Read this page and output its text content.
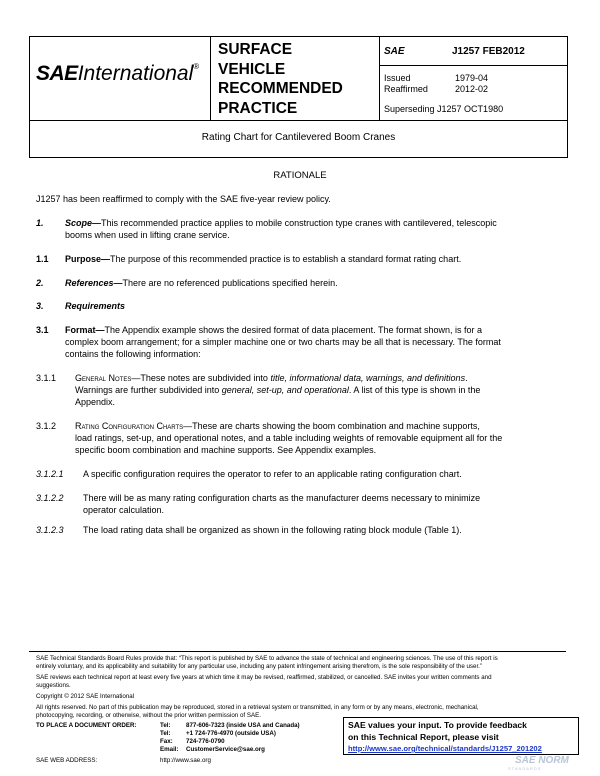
SAEInternational®
SURFACE
VEHICLE
RECOMMENDED
PRACTICE
SAE	J1257 FEB2012
Issued	1979-04
Reaffirmed	2012-02
Superseding J1257 OCT1980
Rating Chart for Cantilevered Boom Cranes
RATIONALE
J1257 has been reaffirmed to comply with the SAE five-year review policy.
1. Scope—This recommended practice applies to mobile construction type cranes with cantilevered, telescopic
booms when used in lifting crane service.
1.1 Purpose—The purpose of this recommended practice is to establish a standard format rating chart.
2. References—There are no referenced publications specified herein.
3. Requirements
3.1 Format—The Appendix example shows the desired format of data placement. The format shown, is for a
complex boom arrangement; for a simpler machine one or two charts may be all that is necessary. The format
contains the following information:
3.1.1 General Notes—These notes are subdivided into title, informational data, warnings, and definitions.
Warnings are further subdivided into general, set-up, and operational. A list of this type is shown in the
Appendix.
3.1.2 Rating Configuration Charts—These are charts showing the boom combination and machine supports,
load ratings, set-up, and operational notes, and a table including weights of removable equipment all for the
specific boom combination and machine supports. See Appendix examples.
3.1.2.1 A specific configuration requires the operator to refer to an applicable rating configuration chart.
3.1.2.2 There will be as many rating configuration charts as the manufacturer deems necessary to minimize
operator calculation.
3.1.2.3 The load rating data shall be organized as shown in the following rating block module (Table 1).
SAE Technical Standards Board Rules provide that: “This report is published by SAE to advance the state of technical and engineering sciences. The use of this report is
entirely voluntary, and its applicability and suitability for any particular use, including any patent infringement arising therefrom, is the sole responsibility of the user.”
SAE reviews each technical report at least every five years at which time it may be revised, reaffirmed, stabilized, or cancelled. SAE invites your written comments and
suggestions.
Copyright © 2012 SAE International
All rights reserved. No part of this publication may be reproduced, stored in a retrieval system or transmitted, in any form or by any means, electronic, mechanical,
photocopying, recording, or otherwise, without the prior written permission of SAE.
TO PLACE A DOCUMENT ORDER:	Tel: 877-606-7323 (inside USA and Canada)
Tel: +1 724-776-4970 (outside USA)
Fax: 724-776-0790
Email: CustomerService@sae.org
SAE WEB ADDRESS:	http://www.sae.org
SAE values your input. To provide feedback
on this Technical Report, please visit
http://www.sae.org/technical/standards/J1257_201202
SAE NORM
STANDARDS
